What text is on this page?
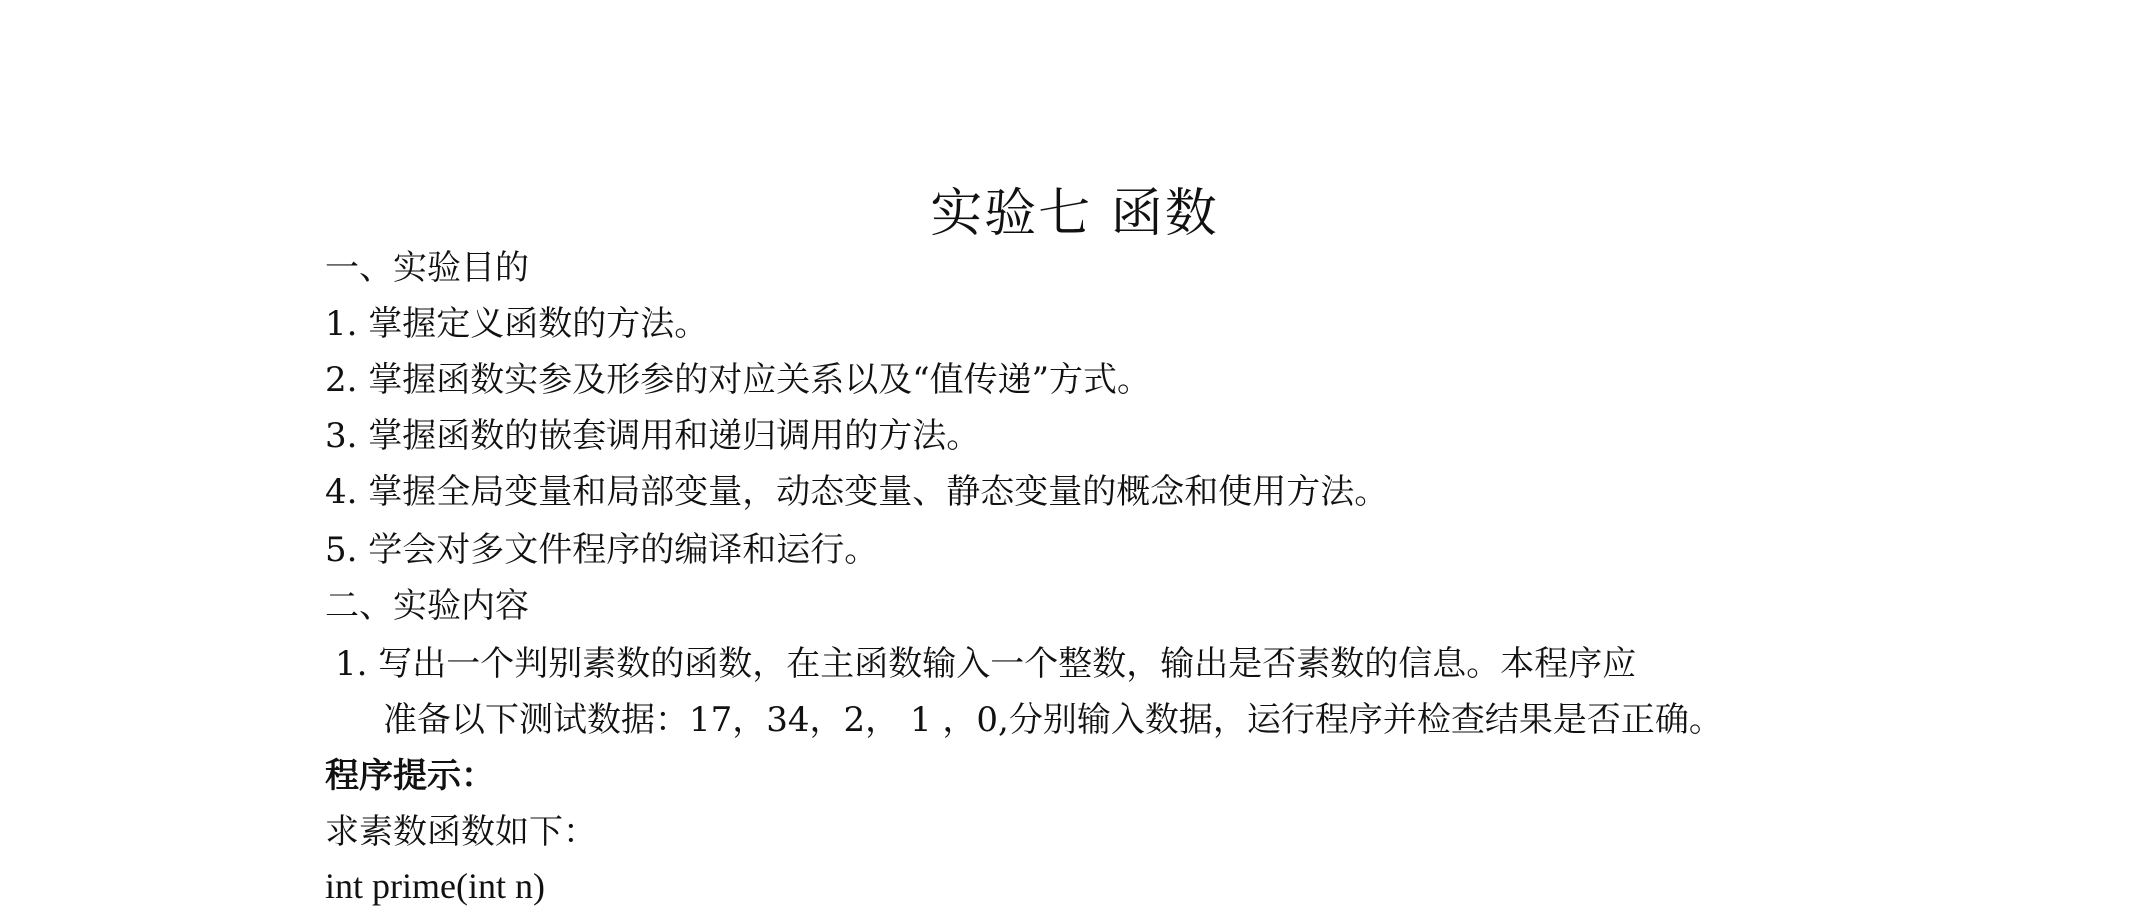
实验七 函数
一、实验目的
1. 掌握定义函数的方法。
2. 掌握函数实参及形参的对应关系以及“值传递”方式。
3. 掌握函数的嵌套调用和递归调用的方法。
4. 掌握全局变量和局部变量，动态变量、静态变量的概念和使用方法。
5. 学会对多文件程序的编译和运行。
二、实验内容
1. 写出一个判别素数的函数，在主函数输入一个整数，输出是否素数的信息。本程序应
准备以下测试数据：17，34，2， 1 ，0,分别输入数据，运行程序并检查结果是否正确。
程序提示：
求素数函数如下：
int prime(int n)
